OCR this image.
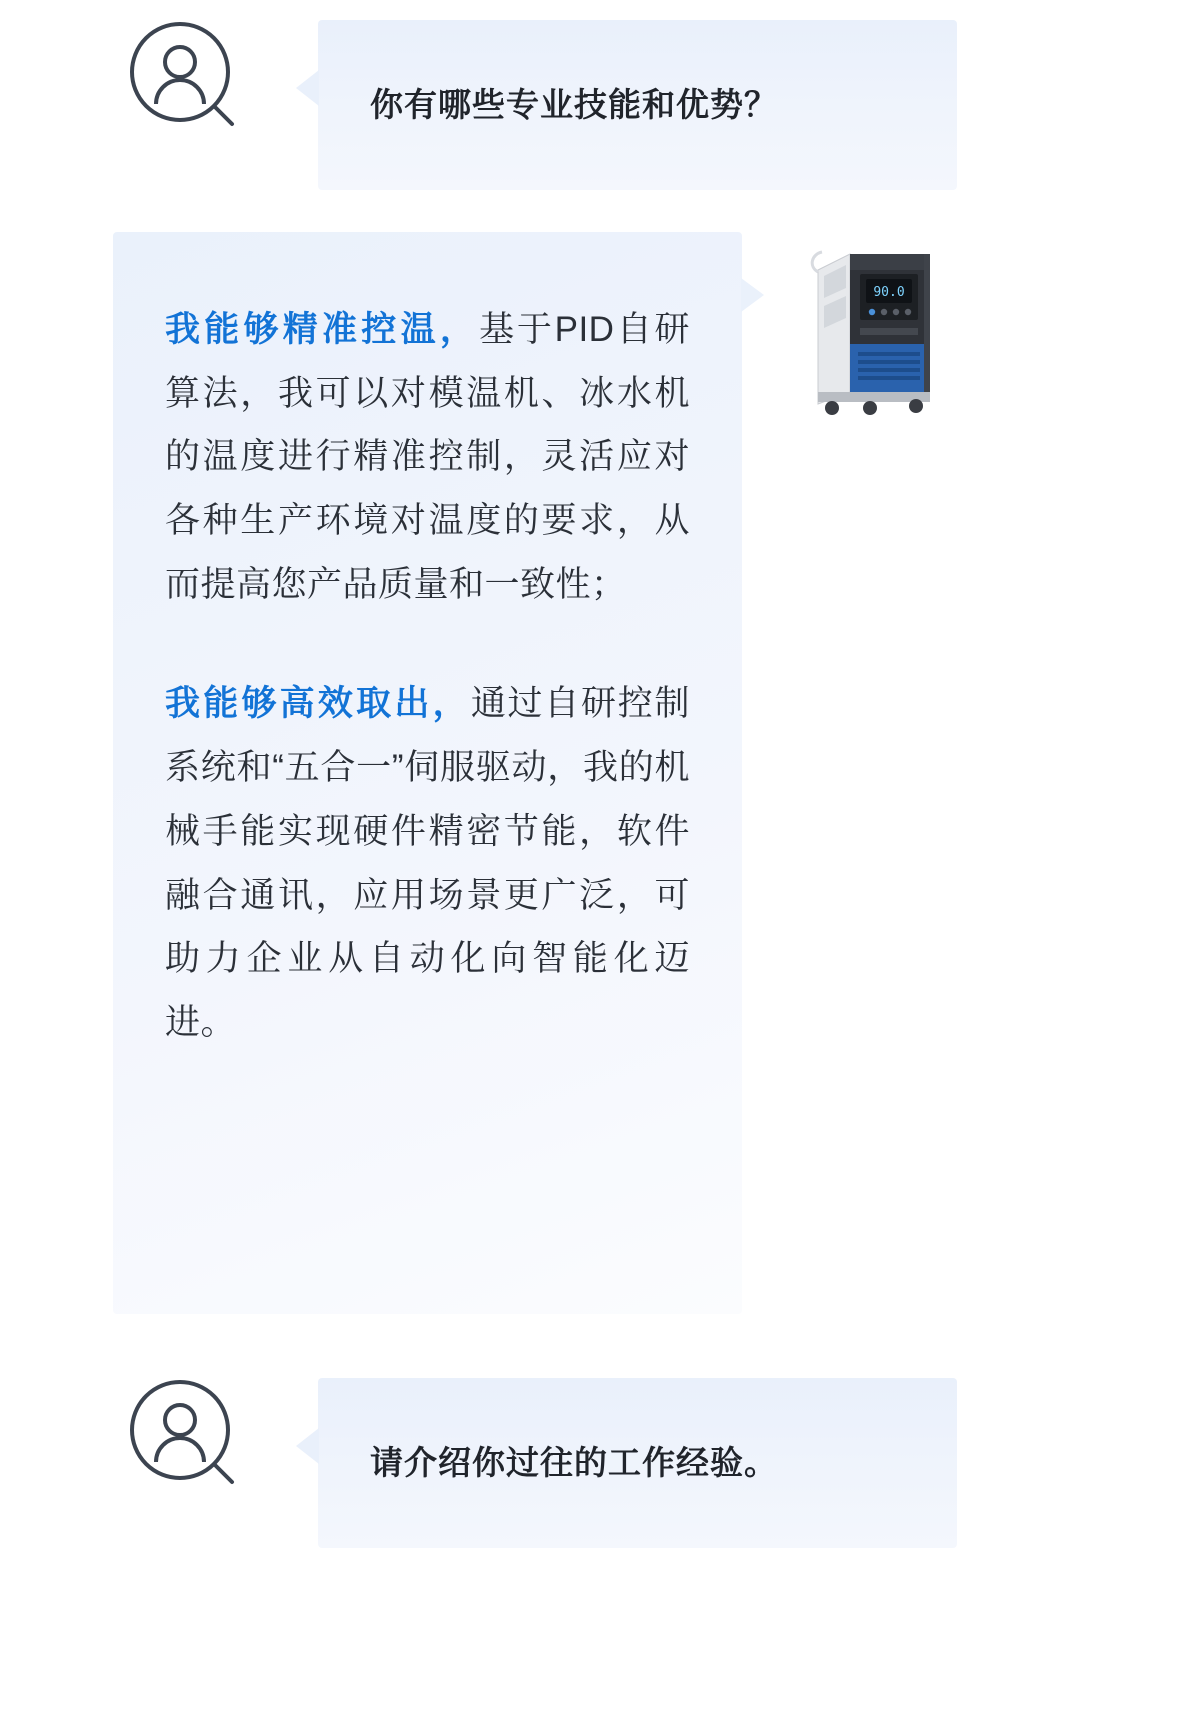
你有哪些专业技能和优势？

我能够精准控温，基于PID自研算法，我可以对模温机、冰水机的温度进行精准控制，灵活应对各种生产环境对温度的要求，从而提高您产品质量和一致性；

我能够高效取出，通过自研控制系统和“五合一”伺服驱动，我的机械手能实现硬件精密节能，软件融合通讯，应用场景更广泛，可助力企业从自动化向智能化迈进。

90.0
请介绍你过往的工作经验。
